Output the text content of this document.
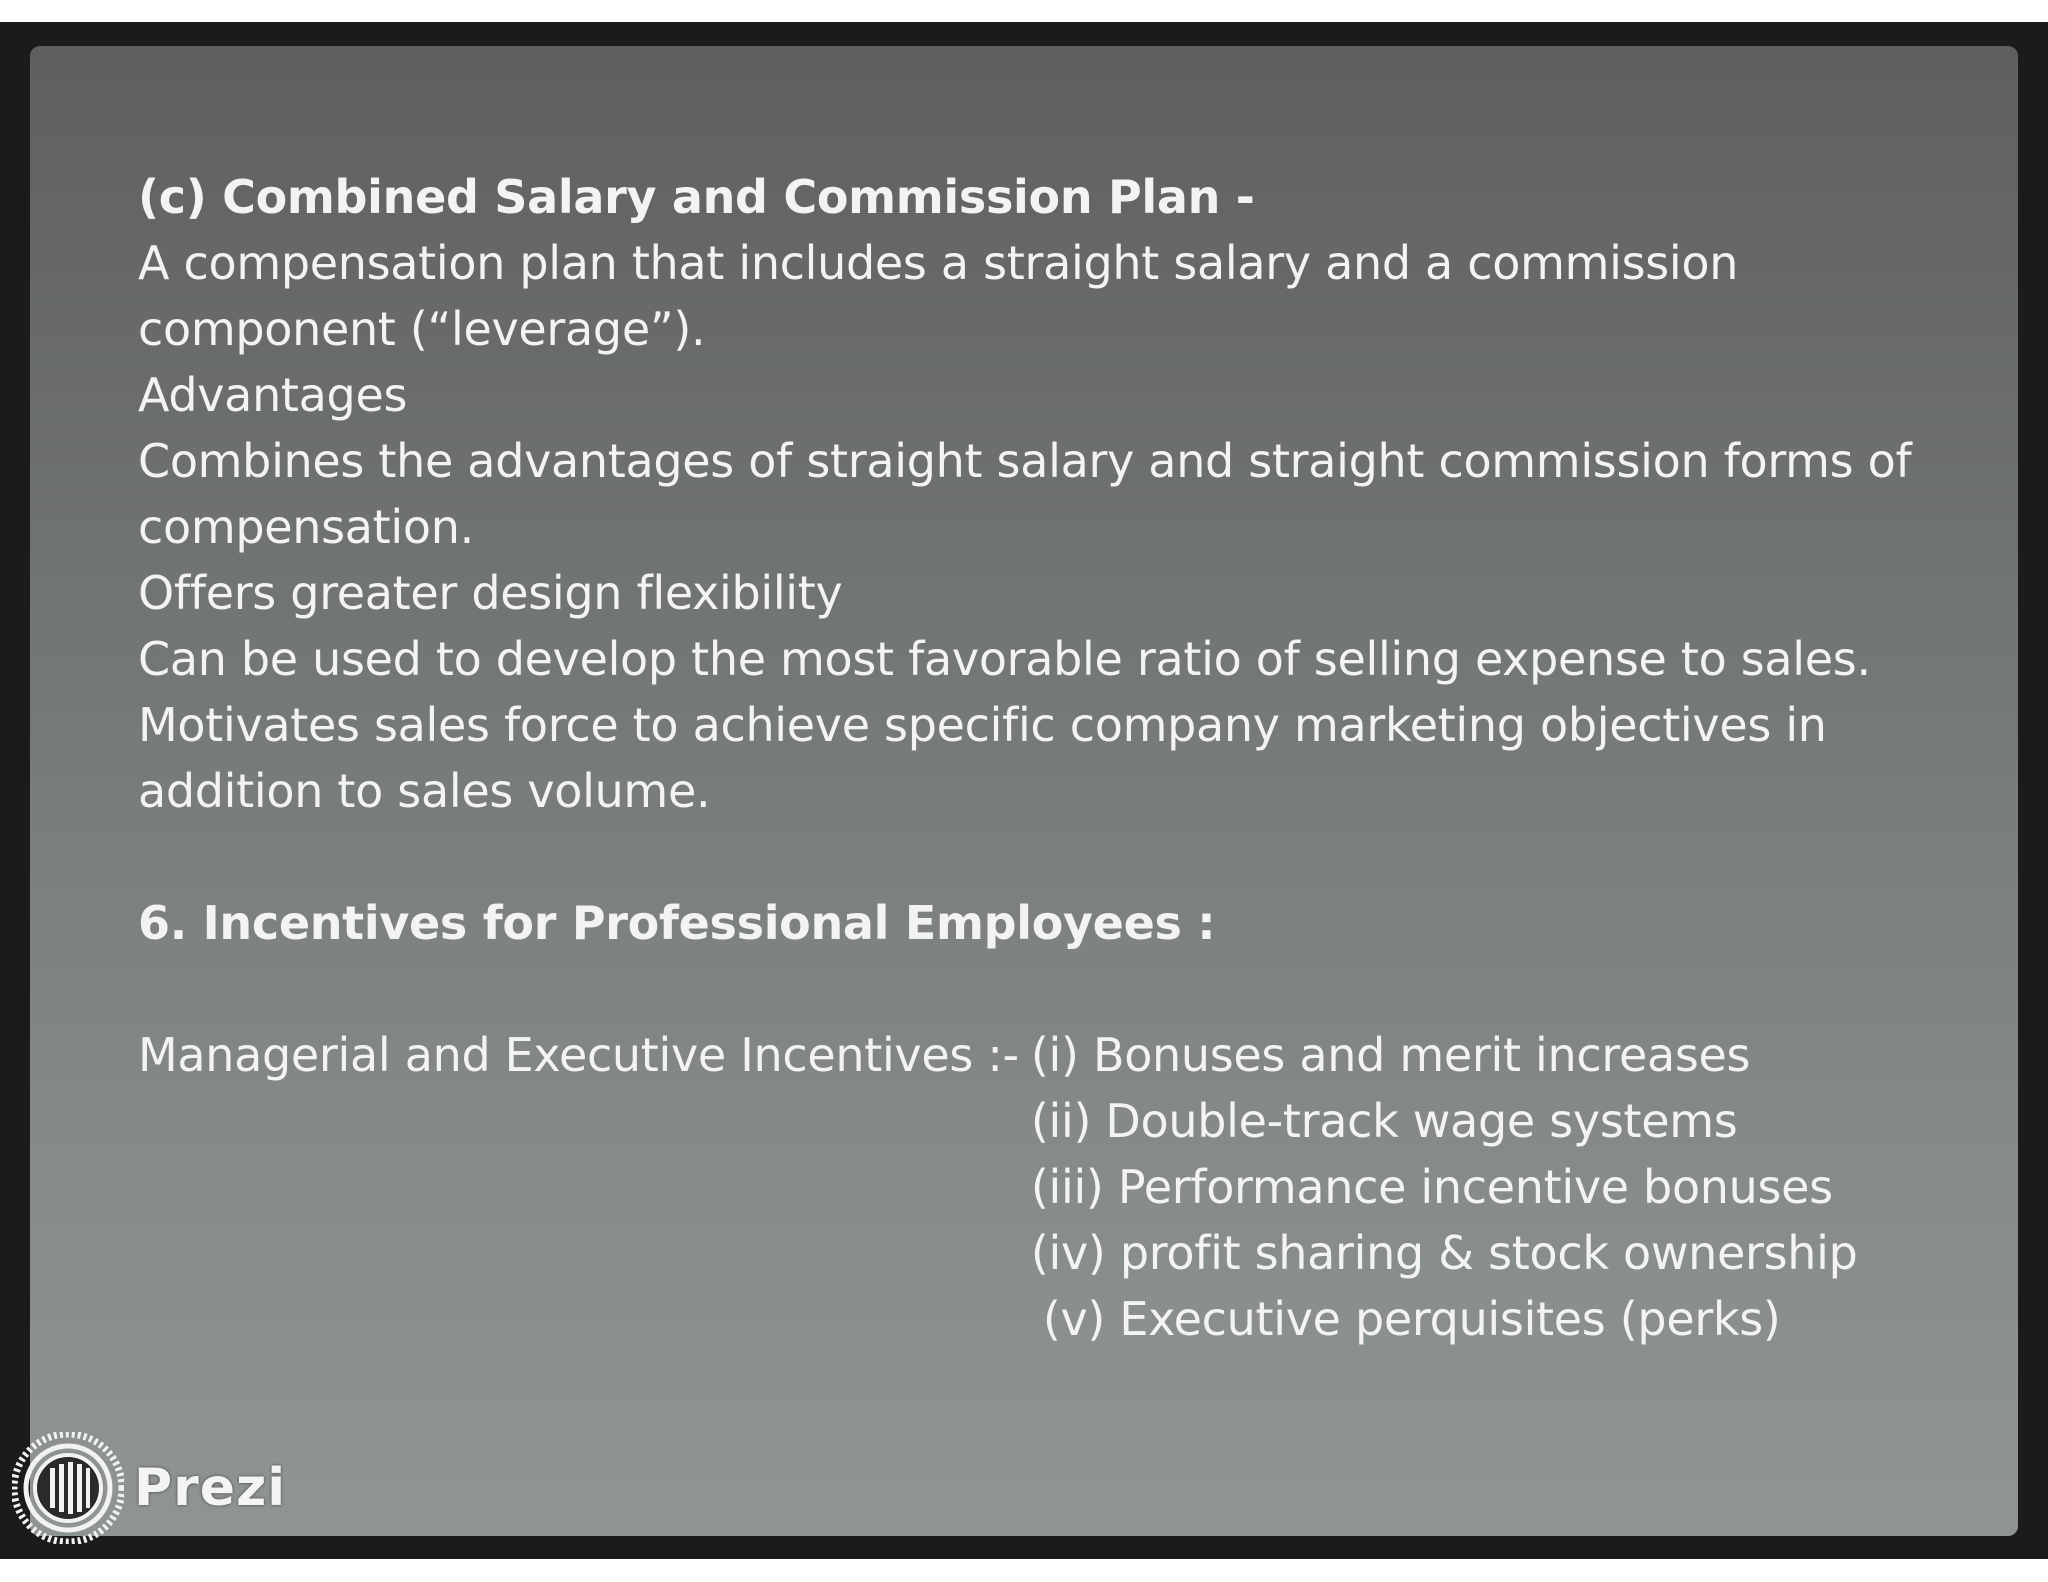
(c) Combined Salary and Commission Plan -
A compensation plan that includes a straight salary and a commission
component (“leverage”).
Advantages
Combines the advantages of straight salary and straight commission forms of
compensation.
Offers greater design flexibility
Can be used to develop the most favorable ratio of selling expense to sales.
Motivates sales force to achieve specific company marketing objectives in
addition to sales volume.
6. Incentives for Professional Employees :
Managerial and Executive Incentives :- (i) Bonuses and merit increases
(ii) Double-track wage systems
(iii) Performance incentive bonuses
(iv) profit sharing & stock ownership
(v) Executive perquisites (perks)
Prezi
